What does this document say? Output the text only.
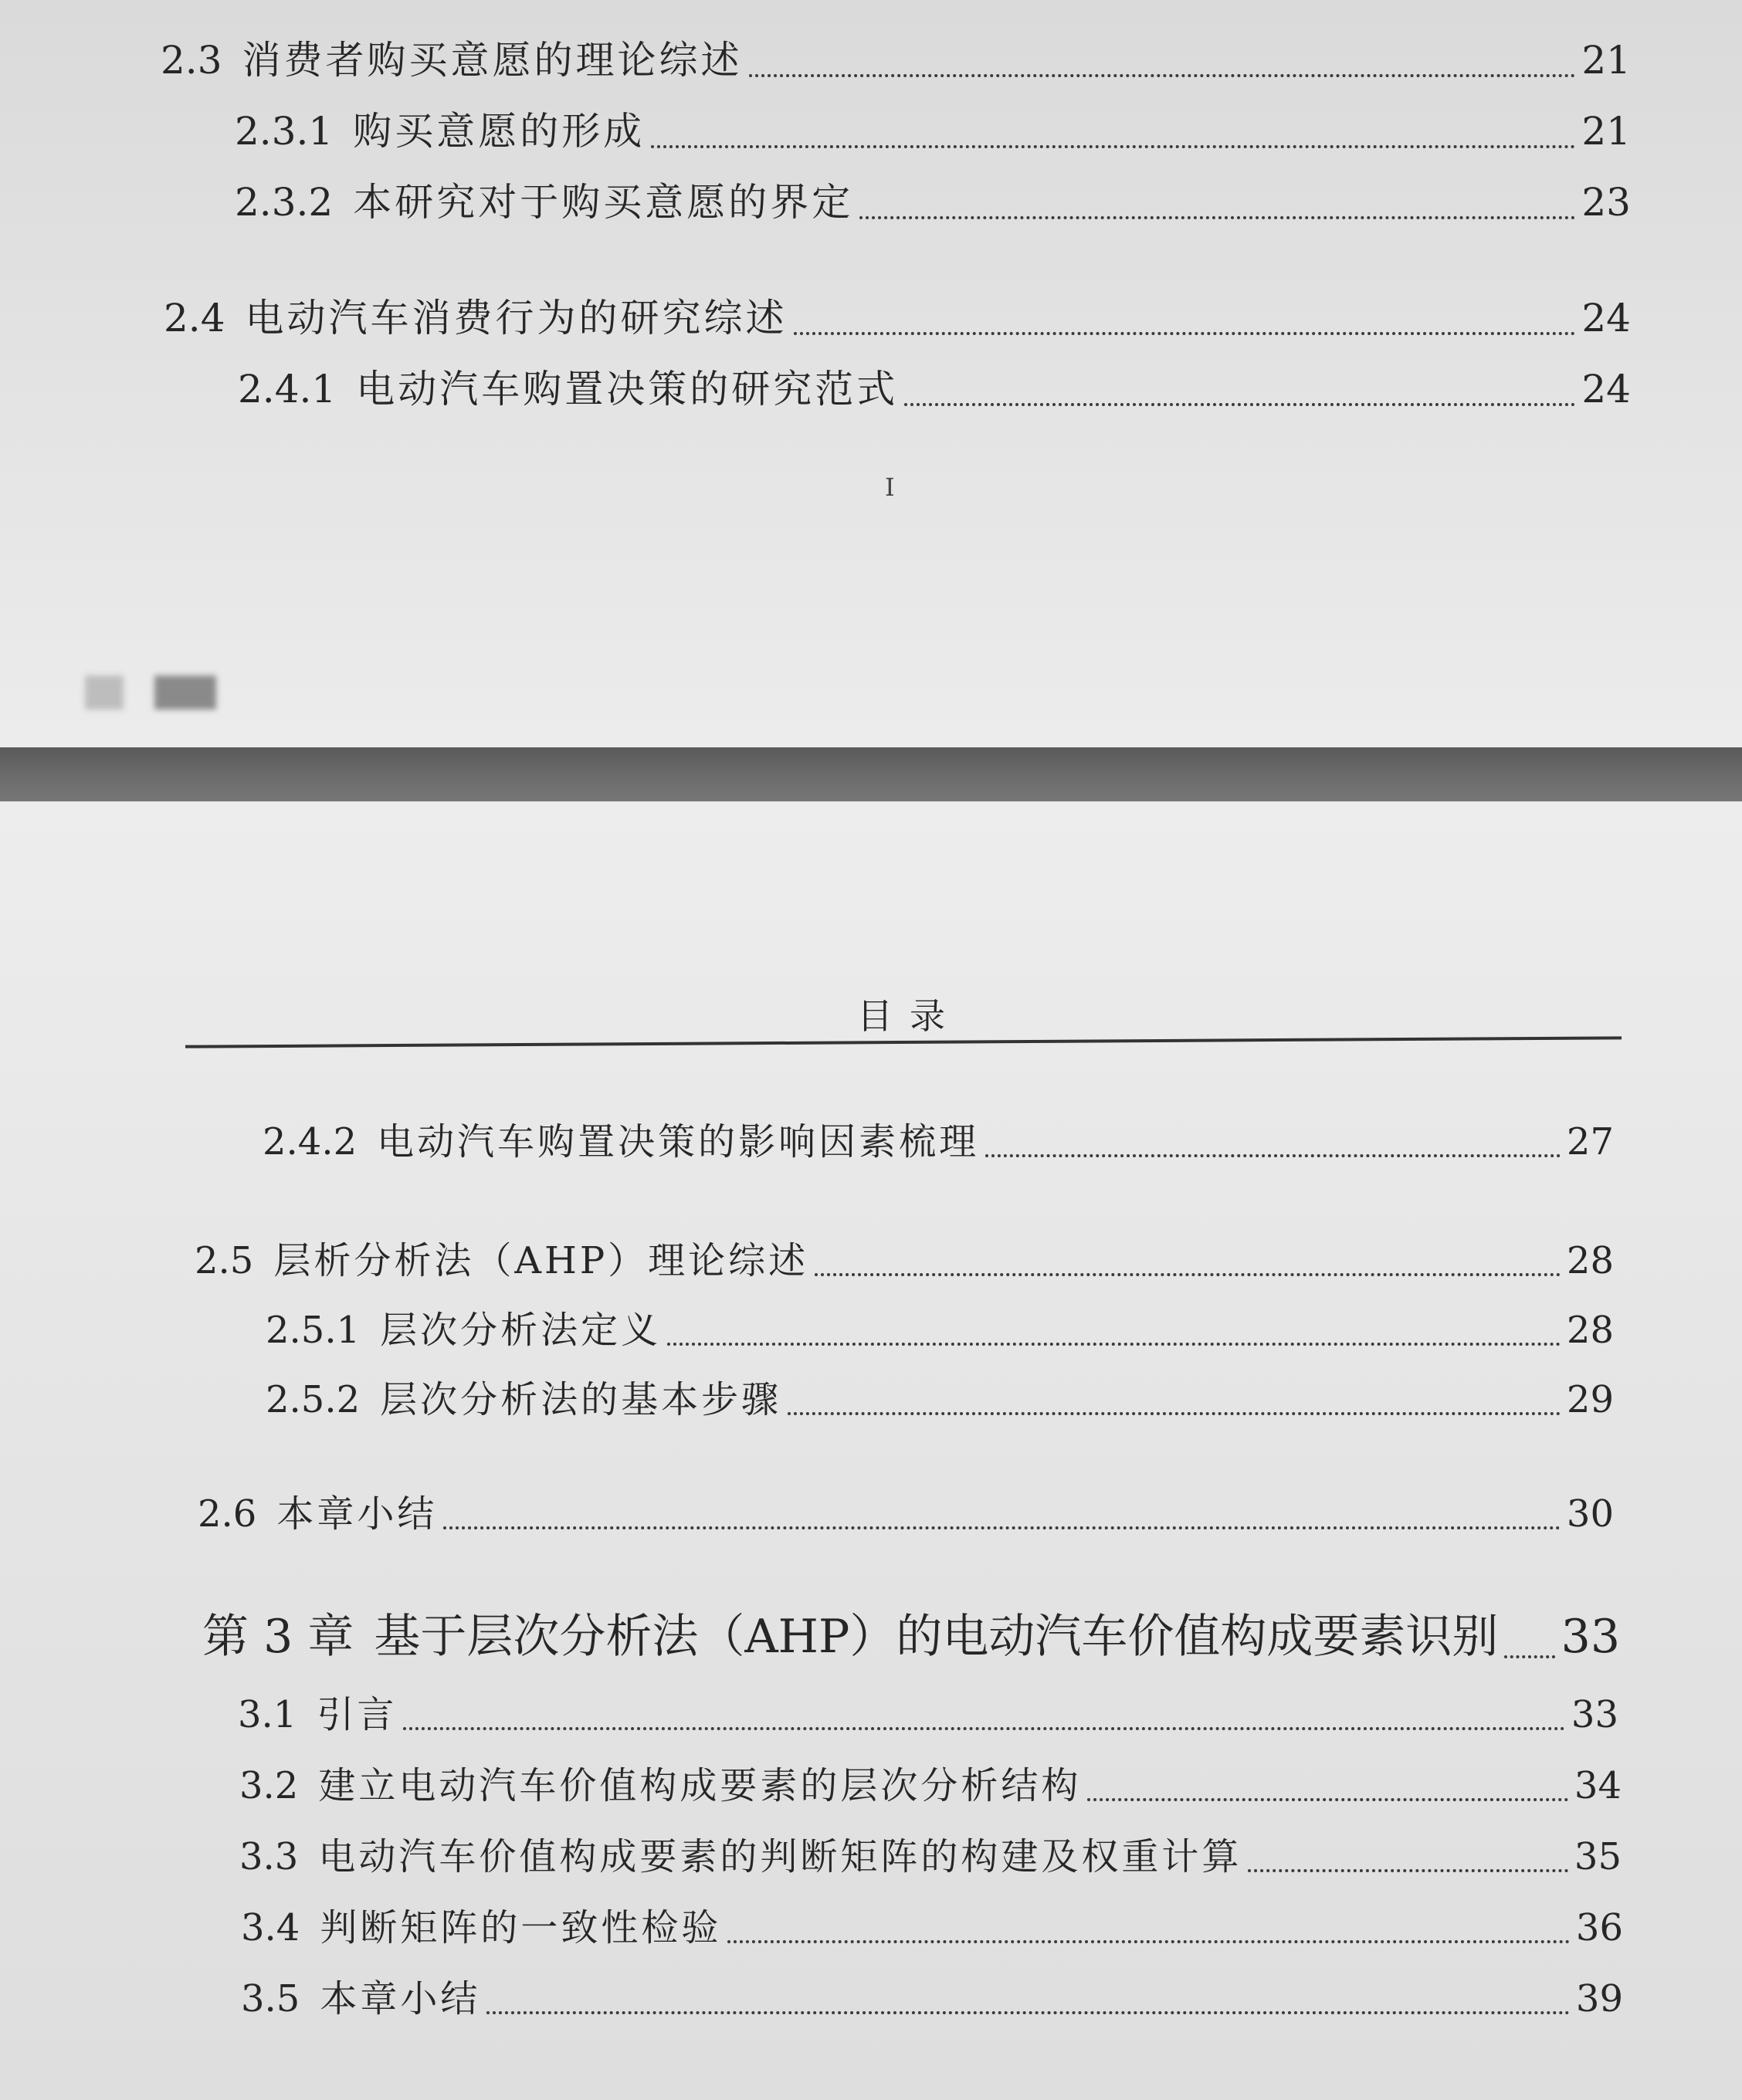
2.3 消费者购买意愿的理论综述	21
2.3.1 购买意愿的形成	21
2.3.2 本研究对于购买意愿的界定	23
2.4 电动汽车消费行为的研究综述	24
2.4.1 电动汽车购置决策的研究范式	24
I
目录
2.4.2 电动汽车购置决策的影响因素梳理	27
2.5 层析分析法（AHP）理论综述	28
2.5.1 层次分析法定义	28
2.5.2 层次分析法的基本步骤	29
2.6 本章小结	30
第 3 章 基于层次分析法（AHP）的电动汽车价值构成要素识别 33
3.1 引言	33
3.2 建立电动汽车价值构成要素的层次分析结构	34
3.3 电动汽车价值构成要素的判断矩阵的构建及权重计算	35
3.4 判断矩阵的一致性检验	36
3.5 本章小结	39
